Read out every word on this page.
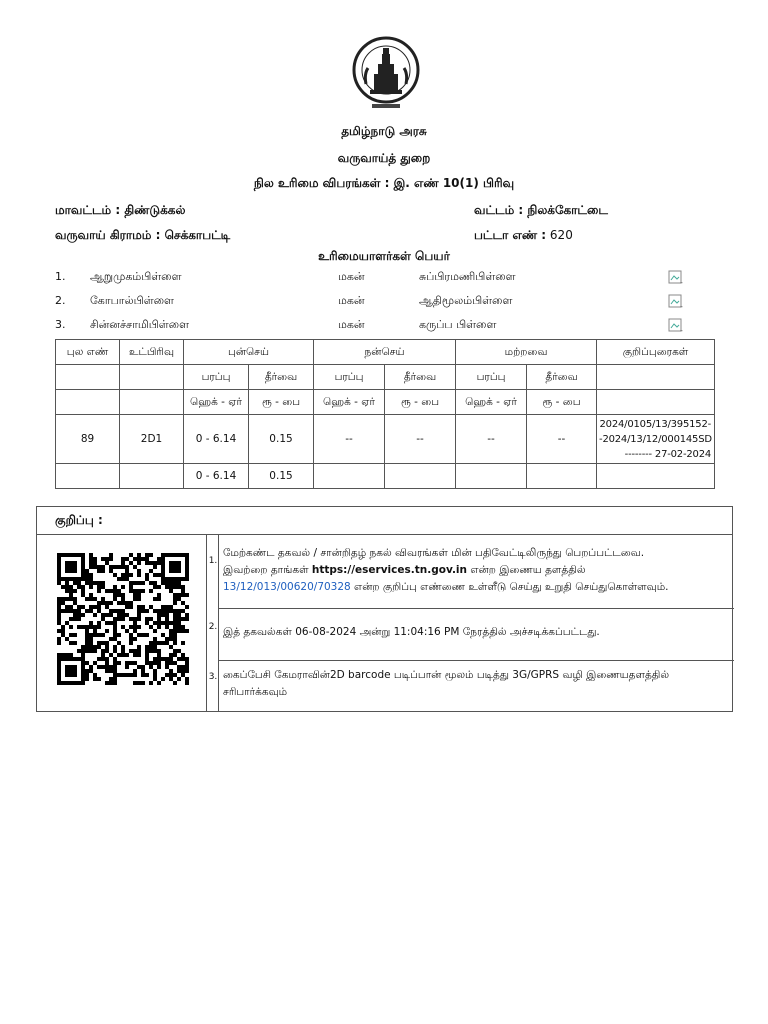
தமிழ்நாடு அரசு
வருவாய்த் துறை
நில உரிமை விபரங்கள் : இ. எண் 10(1) பிரிவு
மாவட்டம் : திண்டுக்கல்	வட்டம் : நிலக்கோட்டை
வருவாய் கிராமம் : செக்காபட்டி	பட்டா எண் : 620
உரிமையாளர்கள் பெயர்
1. ஆறுமுகம்பிள்ளை	மகன்	சுப்பிரமணிபிள்ளை	-
2. கோபால்பிள்ளை	மகன்	ஆதிமூலம்பிள்ளை	-
3. சின்னச்சாமிபிள்ளை	மகன்	கருப்ப பிள்ளை	-
புல எண்	உட்பிரிவு	புன்செய்		நன்செய்		மற்றவை		குறிப்புரைகள்
		பரப்பு	தீர்வை	பரப்பு	தீர்வை	பரப்பு	தீர்வை	
		ஹெக் - ஏர்	ரூ - பை	ஹெக் - ஏர்	ரூ - பை	ஹெக் - ஏர்	ரூ - பை	
89	2D1	0 - 6.14	0.15	--	--	--	--	2024/0105/13/395152-
-2024/13/12/000145SD
-------- 27-02-2024

		0 - 6.14	0.15					
குறிப்பு :
1.
மேற்கண்ட தகவல் / சான்றிதழ் நகல் விவரங்கள் மின் பதிவேட்டிலிருந்து பெறப்பட்டவை.
இவற்றை தாங்கள் https://eservices.tn.gov.in என்ற இணைய தளத்தில்
13/12/013/00620/70328 என்ற குறிப்பு எண்ணை உள்ளீடு செய்து உறுதி செய்துகொள்ளவும்.
2. இத் தகவல்கள் 06-08-2024 அன்று 11:04:16 PM நேரத்தில் அச்சடிக்கப்பட்டது.
3. கைப்பேசி கேமராவின்2D barcode படிப்பான் மூலம் படித்து 3G/GPRS வழி இணையதளத்தில்
சரிபார்க்கவும்
